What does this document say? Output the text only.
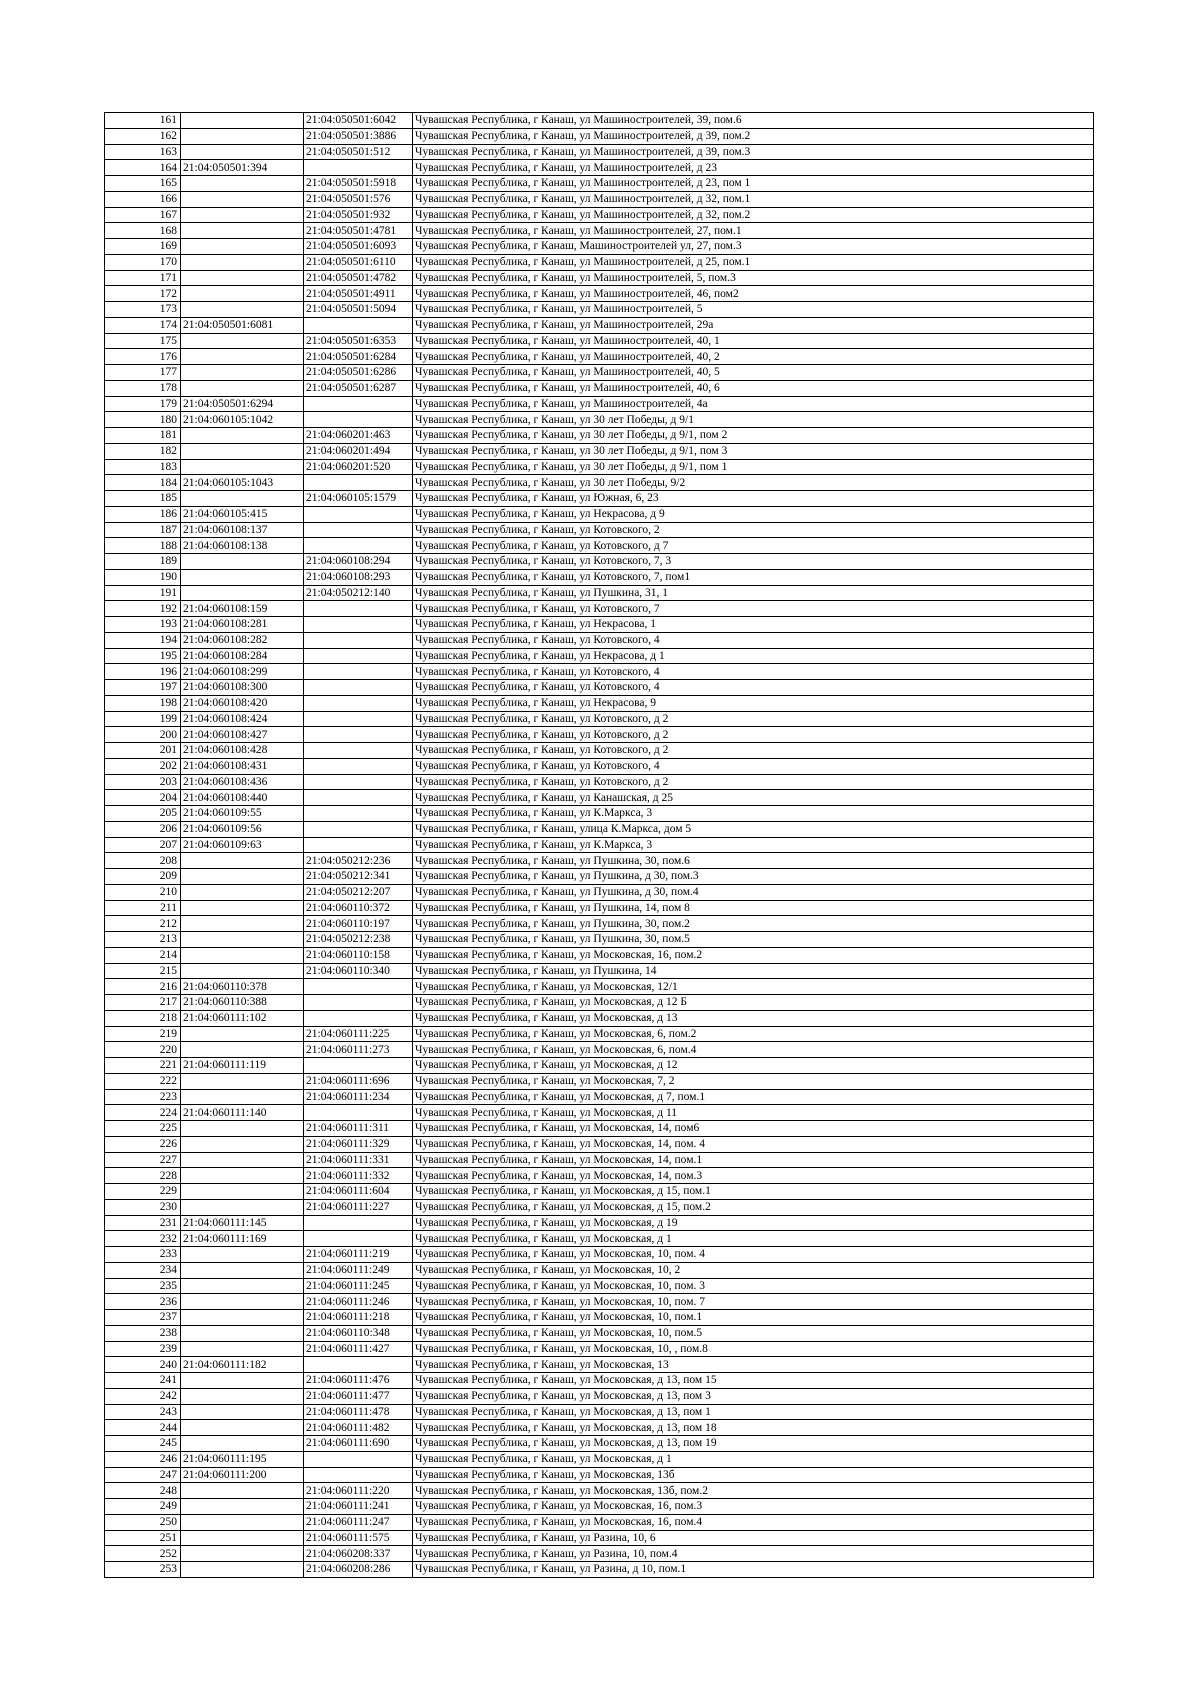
161		21:04:050501:6042	Чувашская Республика, г Канаш, ул Машиностроителей, 39, пом.6
162		21:04:050501:3886	Чувашская Республика, г Канаш, ул Машиностроителей, д 39, пом.2
163		21:04:050501:512	Чувашская Республика, г Канаш, ул Машиностроителей, д 39, пом.3
164	21:04:050501:394		Чувашская Республика, г Канаш, ул Машиностроителей, д 23
165		21:04:050501:5918	Чувашская Республика, г Канаш, ул Машиностроителей, д 23, пом 1
166		21:04:050501:576	Чувашская Республика, г Канаш, ул Машиностроителей, д 32, пом.1
167		21:04:050501:932	Чувашская Республика, г Канаш, ул Машиностроителей, д 32, пом.2
168		21:04:050501:4781	Чувашская Республика, г Канаш, ул Машиностроителей, 27, пом.1
169		21:04:050501:6093	Чувашская Республика, г Канаш, Машиностроителей ул, 27, пом.3
170		21:04:050501:6110	Чувашская Республика, г Канаш, ул Машиностроителей, д 25, пом.1
171		21:04:050501:4782	Чувашская Республика, г Канаш, ул Машиностроителей, 5, пом.3
172		21:04:050501:4911	Чувашская Республика, г Канаш, ул Машиностроителей, 46, пом2
173		21:04:050501:5094	Чувашская Республика, г Канаш, ул Машиностроителей, 5
174	21:04:050501:6081		Чувашская Республика, г Канаш, ул Машиностроителей, 29а
175		21:04:050501:6353	Чувашская Республика, г Канаш, ул Машиностроителей, 40, 1
176		21:04:050501:6284	Чувашская Республика, г Канаш, ул Машиностроителей, 40, 2
177		21:04:050501:6286	Чувашская Республика, г Канаш, ул Машиностроителей, 40, 5
178		21:04:050501:6287	Чувашская Республика, г Канаш, ул Машиностроителей, 40, 6
179	21:04:050501:6294		Чувашская Республика, г Канаш, ул Машиностроителей, 4а
180	21:04:060105:1042		Чувашская Республика, г Канаш, ул 30 лет Победы, д 9/1
181		21:04:060201:463	Чувашская Республика, г Канаш, ул 30 лет Победы, д 9/1, пом 2
182		21:04:060201:494	Чувашская Республика, г Канаш, ул 30 лет Победы, д 9/1, пом 3
183		21:04:060201:520	Чувашская Республика, г Канаш, ул 30 лет Победы, д 9/1, пом 1
184	21:04:060105:1043		Чувашская Республика, г Канаш, ул 30 лет Победы, 9/2
185		21:04:060105:1579	Чувашская Республика, г Канаш, ул Южная, 6, 23
186	21:04:060105:415		Чувашская Республика, г Канаш, ул Некрасова, д 9
187	21:04:060108:137		Чувашская Республика, г Канаш, ул Котовского, 2
188	21:04:060108:138		Чувашская Республика, г Канаш, ул Котовского, д 7
189		21:04:060108:294	Чувашская Республика, г Канаш, ул Котовского, 7, 3
190		21:04:060108:293	Чувашская Республика, г Канаш, ул Котовского, 7, пом1
191		21:04:050212:140	Чувашская Республика, г Канаш, ул Пушкина, 31, 1
192	21:04:060108:159		Чувашская Республика, г Канаш, ул Котовского, 7
193	21:04:060108:281		Чувашская Республика, г Канаш, ул Некрасова, 1
194	21:04:060108:282		Чувашская Республика, г Канаш, ул Котовского, 4
195	21:04:060108:284		Чувашская Республика, г Канаш, ул Некрасова, д 1
196	21:04:060108:299		Чувашская Республика, г Канаш, ул Котовского, 4
197	21:04:060108:300		Чувашская Республика, г Канаш, ул Котовского, 4
198	21:04:060108:420		Чувашская Республика, г Канаш, ул Некрасова, 9
199	21:04:060108:424		Чувашская Республика, г Канаш, ул Котовского, д 2
200	21:04:060108:427		Чувашская Республика, г Канаш, ул Котовского, д 2
201	21:04:060108:428		Чувашская Республика, г Канаш, ул Котовского, д 2
202	21:04:060108:431		Чувашская Республика, г Канаш, ул Котовского, 4
203	21:04:060108:436		Чувашская Республика, г Канаш, ул Котовского, д 2
204	21:04:060108:440		Чувашская Республика, г Канаш, ул Канашская, д 25
205	21:04:060109:55		Чувашская Республика, г Канаш, ул К.Маркса, 3
206	21:04:060109:56		Чувашская Республика, г Канаш, улица К.Маркса, дом 5
207	21:04:060109:63		Чувашская Республика, г Канаш, ул К.Маркса, 3
208		21:04:050212:236	Чувашская Республика, г Канаш, ул Пушкина, 30, пом.6
209		21:04:050212:341	Чувашская Республика, г Канаш, ул Пушкина, д 30, пом.3
210		21:04:050212:207	Чувашская Республика, г Канаш, ул Пушкина, д 30, пом.4
211		21:04:060110:372	Чувашская Республика, г Канаш, ул Пушкина, 14, пом 8
212		21:04:060110:197	Чувашская Республика, г Канаш, ул Пушкина, 30, пом.2
213		21:04:050212:238	Чувашская Республика, г Канаш, ул Пушкина, 30, пом.5
214		21:04:060110:158	Чувашская Республика, г Канаш, ул Московская, 16, пом.2
215		21:04:060110:340	Чувашская Республика, г Канаш, ул Пушкина, 14
216	21:04:060110:378		Чувашская Республика, г Канаш, ул Московская, 12/1
217	21:04:060110:388		Чувашская Республика, г Канаш, ул Московская, д 12 Б
218	21:04:060111:102		Чувашская Республика, г Канаш, ул Московская, д 13
219		21:04:060111:225	Чувашская Республика, г Канаш, ул Московская, 6, пом.2
220		21:04:060111:273	Чувашская Республика, г Канаш, ул Московская, 6, пом.4
221	21:04:060111:119		Чувашская Республика, г Канаш, ул Московская, д 12
222		21:04:060111:696	Чувашская Республика, г Канаш, ул Московская, 7, 2
223		21:04:060111:234	Чувашская Республика, г Канаш, ул Московская, д 7, пом.1
224	21:04:060111:140		Чувашская Республика, г Канаш, ул Московская, д 11
225		21:04:060111:311	Чувашская Республика, г Канаш, ул Московская, 14, пом6
226		21:04:060111:329	Чувашская Республика, г Канаш, ул Московская, 14, пом. 4
227		21:04:060111:331	Чувашская Республика, г Канаш, ул Московская, 14, пом.1
228		21:04:060111:332	Чувашская Республика, г Канаш, ул Московская, 14, пом.3
229		21:04:060111:604	Чувашская Республика, г Канаш, ул Московская, д 15, пом.1
230		21:04:060111:227	Чувашская Республика, г Канаш, ул Московская, д 15, пом.2
231	21:04:060111:145		Чувашская Республика, г Канаш, ул Московская, д 19
232	21:04:060111:169		Чувашская Республика, г Канаш, ул Московская, д 1
233		21:04:060111:219	Чувашская Республика, г Канаш, ул Московская, 10, пом. 4
234		21:04:060111:249	Чувашская Республика, г Канаш, ул Московская, 10, 2
235		21:04:060111:245	Чувашская Республика, г Канаш, ул Московская, 10, пом. 3
236		21:04:060111:246	Чувашская Республика, г Канаш, ул Московская, 10, пом. 7
237		21:04:060111:218	Чувашская Республика, г Канаш, ул Московская, 10, пом.1
238		21:04:060110:348	Чувашская Республика, г Канаш, ул Московская, 10, пом.5
239		21:04:060111:427	Чувашская Республика, г Канаш, ул Московская, 10, , пом.8
240	21:04:060111:182		Чувашская Республика, г Канаш, ул Московская, 13
241		21:04:060111:476	Чувашская Республика, г Канаш, ул Московская, д 13, пом 15
242		21:04:060111:477	Чувашская Республика, г Канаш, ул Московская, д 13, пом 3
243		21:04:060111:478	Чувашская Республика, г Канаш, ул Московская, д 13, пом 1
244		21:04:060111:482	Чувашская Республика, г Канаш, ул Московская, д 13, пом 18
245		21:04:060111:690	Чувашская Республика, г Канаш, ул Московская, д 13, пом 19
246	21:04:060111:195		Чувашская Республика, г Канаш, ул Московская, д 1
247	21:04:060111:200		Чувашская Республика, г Канаш, ул Московская, 13б
248		21:04:060111:220	Чувашская Республика, г Канаш, ул Московская, 13б, пом.2
249		21:04:060111:241	Чувашская Республика, г Канаш, ул Московская, 16, пом.3
250		21:04:060111:247	Чувашская Республика, г Канаш, ул Московская, 16, пом.4
251		21:04:060111:575	Чувашская Республика, г Канаш, ул Разина, 10, 6
252		21:04:060208:337	Чувашская Республика, г Канаш, ул Разина, 10, пом.4
253		21:04:060208:286	Чувашская Республика, г Канаш, ул Разина, д 10, пом.1
